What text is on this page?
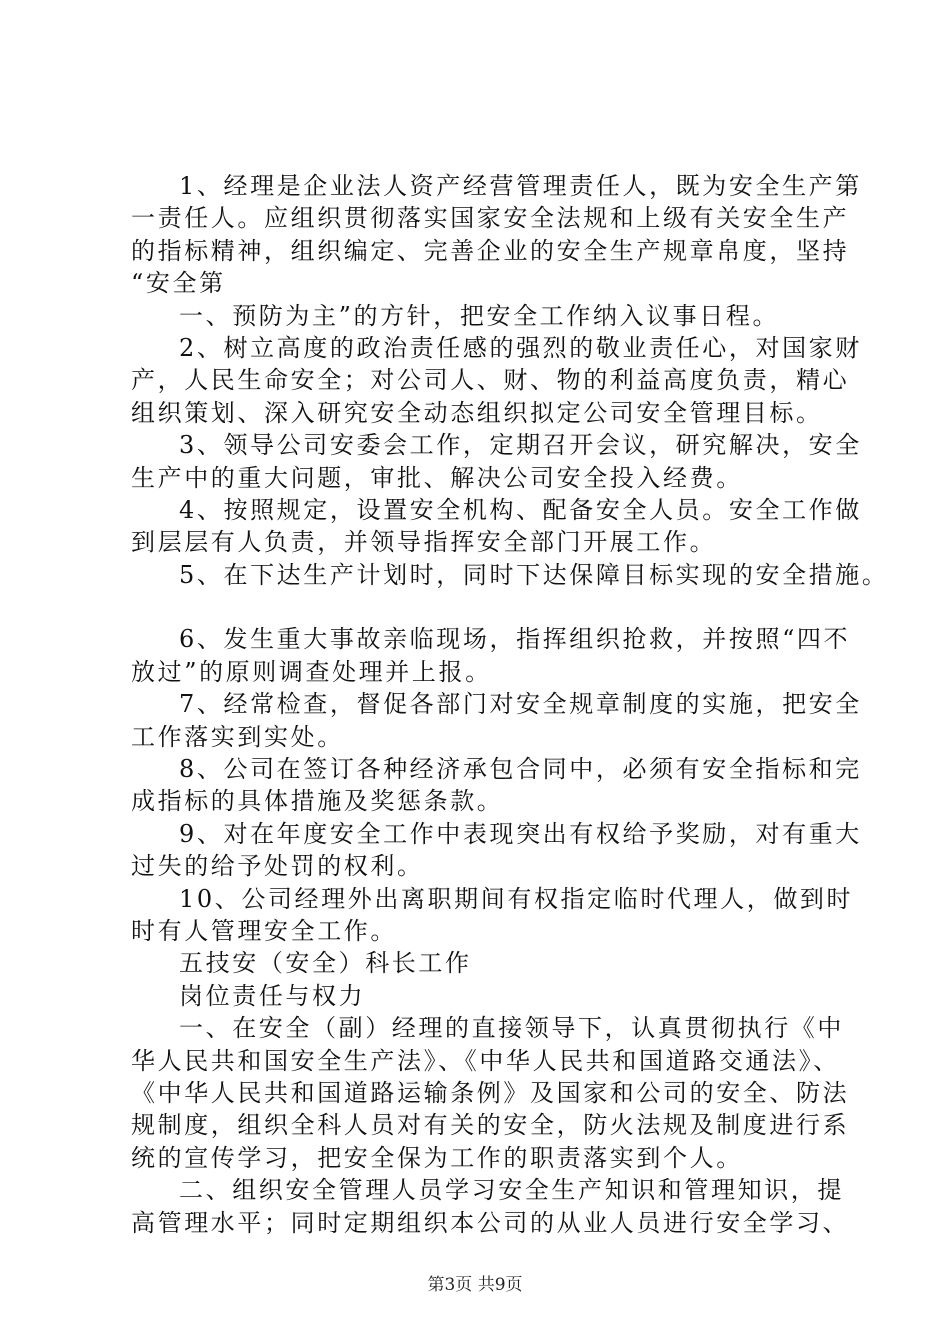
1、经理是企业法人资产经营管理责任人，既为安全生产第
一责任人。应组织贯彻落实国家安全法规和上级有关安全生产
的指标精神，组织编定、完善企业的安全生产规章帛度，坚持
“安全第
一、预防为主”的方针，把安全工作纳入议事日程。
2、树立高度的政治责任感的强烈的敬业责任心，对国家财
产，人民生命安全；对公司人、财、物的利益高度负责，精心
组织策划、深入研究安全动态组织拟定公司安全管理目标。
3、领导公司安委会工作，定期召开会议，研究解决，安全
生产中的重大问题，审批、解决公司安全投入经费。
4、按照规定，设置安全机构、配备安全人员。安全工作做
到层层有人负责，并领导指挥安全部门开展工作。
5、在下达生产计划时，同时下达保障目标实现的安全措施。
6、发生重大事故亲临现场，指挥组织抢救，并按照“四不
放过”的原则调查处理并上报。
7、经常检查，督促各部门对安全规章制度的实施，把安全
工作落实到实处。
8、公司在签订各种经济承包合同中，必须有安全指标和完
成指标的具体措施及奖惩条款。
9、对在年度安全工作中表现突出有权给予奖励，对有重大
过失的给予处罚的权利。
10、公司经理外出离职期间有权指定临时代理人，做到时
时有人管理安全工作。
五技安（安全）科长工作
岗位责任与权力
一、在安全（副）经理的直接领导下，认真贯彻执行《中
华人民共和国安全生产法》、《中华人民共和国道路交通法》、
《中华人民共和国道路运输条例》及国家和公司的安全、防法
规制度，组织全科人员对有关的安全，防火法规及制度进行系
统的宣传学习，把安全保为工作的职责落实到个人。
二、组织安全管理人员学习安全生产知识和管理知识，提
高管理水平；同时定期组织本公司的从业人员进行安全学习、
第3页 共9页
